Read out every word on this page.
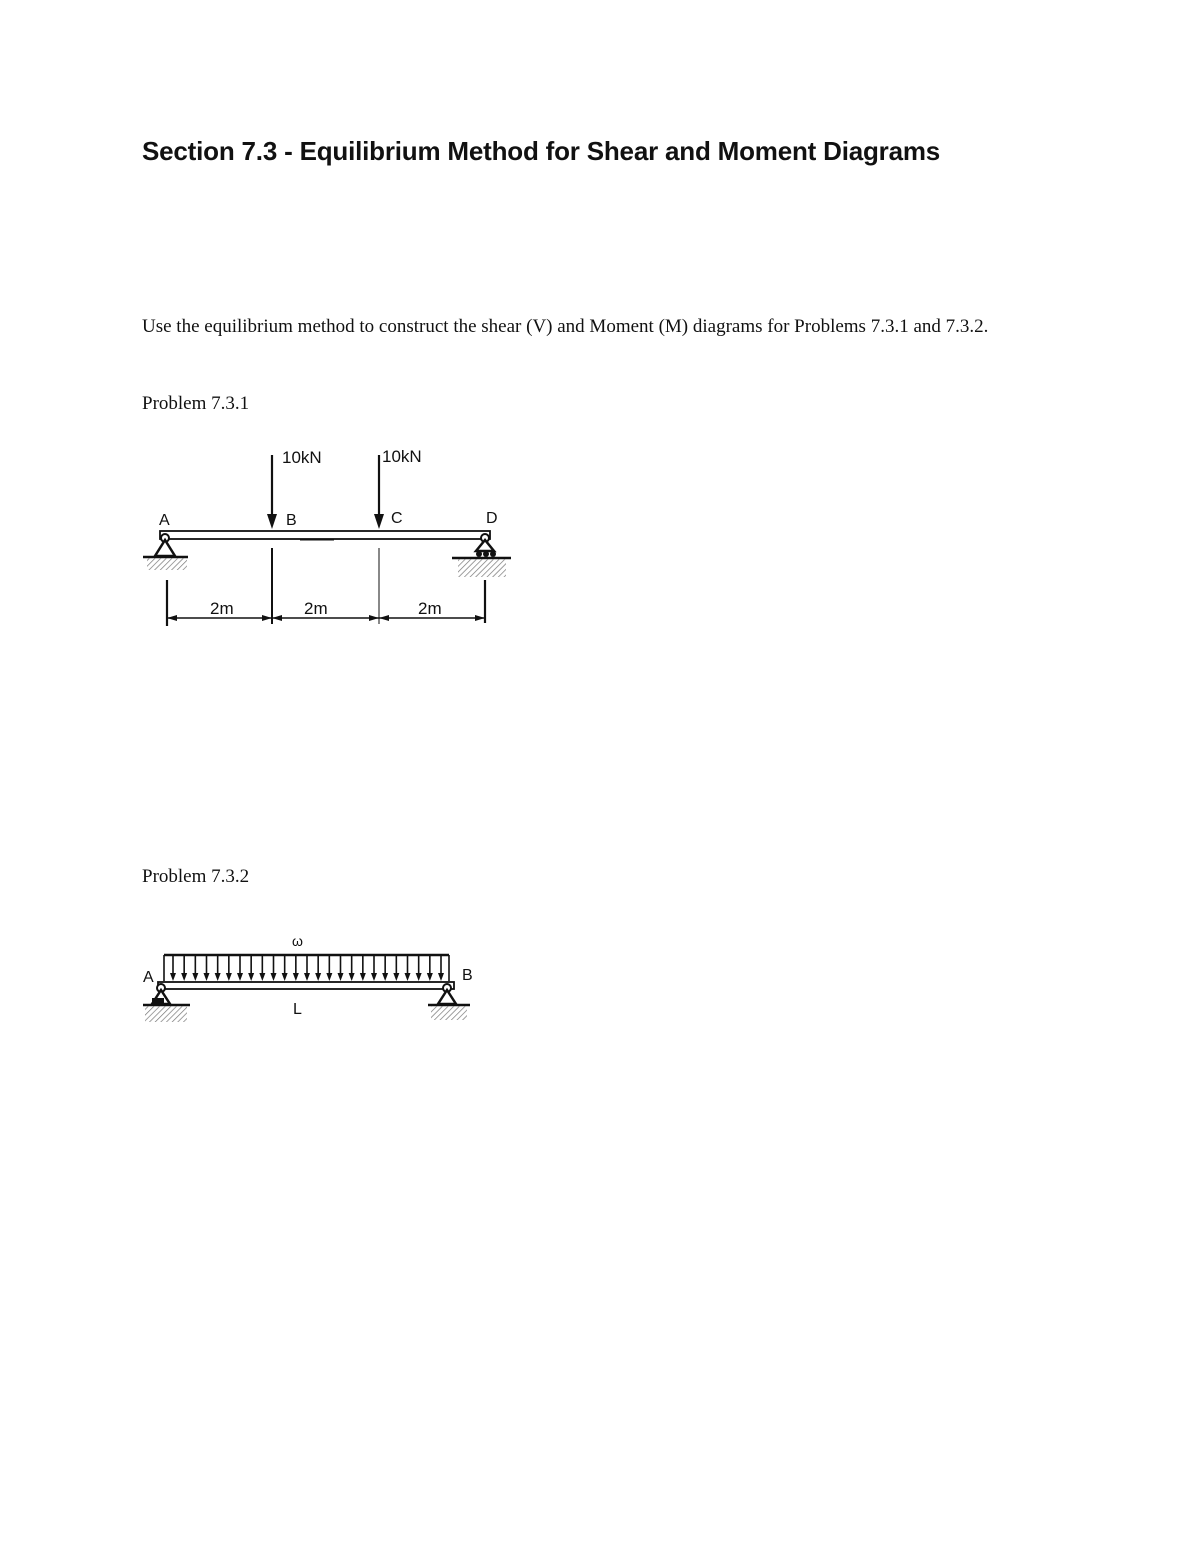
Section 7.3 - Equilibrium Method for Shear and Moment Diagrams
Use the equilibrium method to construct the shear (V) and Moment (M) diagrams for Problems 7.3.1 and 7.3.2.
Problem 7.3.1
10kN	10kN
A	B	C	D
2m	2m	2m
Problem 7.3.2
ω
A	B
L
